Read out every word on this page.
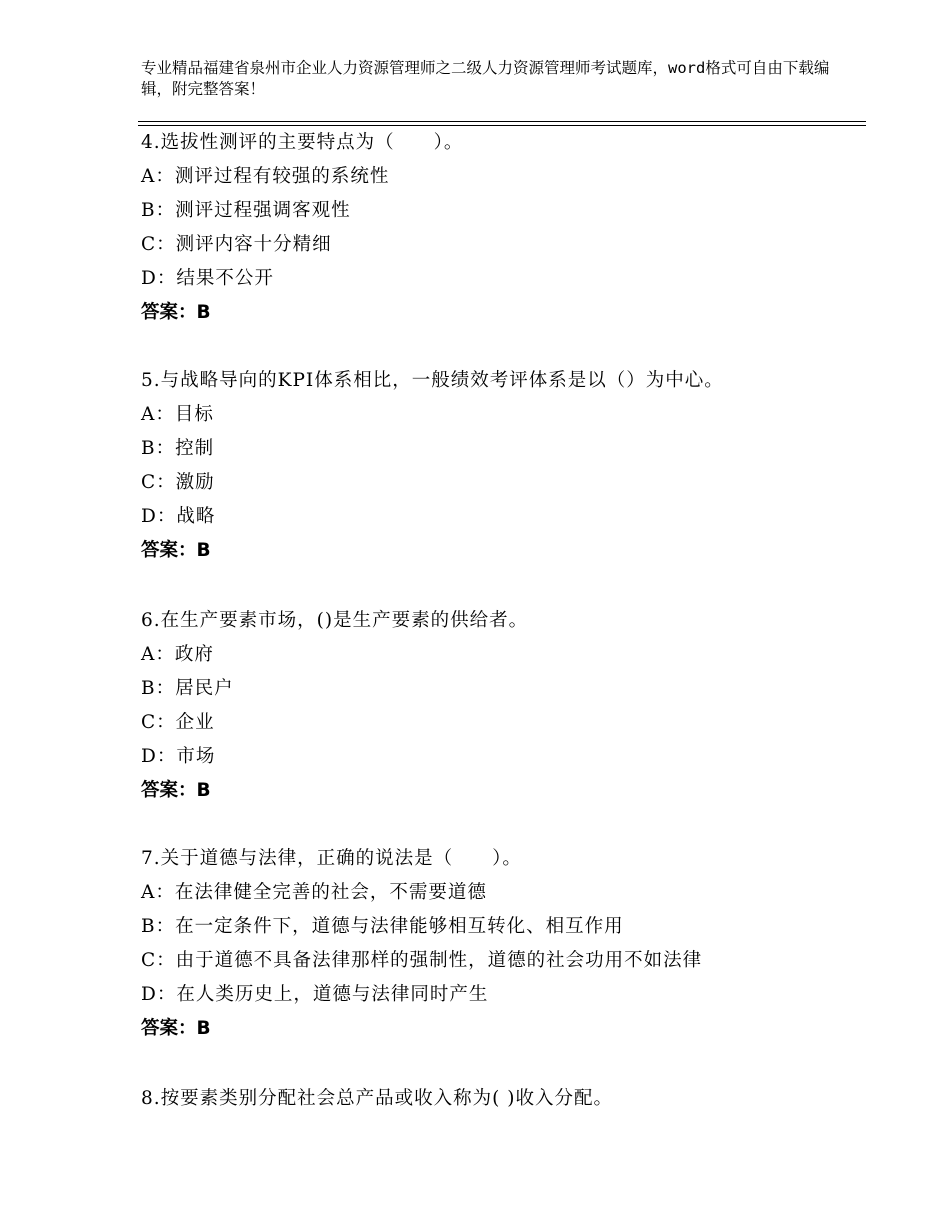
专业精品福建省泉州市企业人力资源管理师之二级人力资源管理师考试题库，word格式可自由下载编辑，附完整答案！
4.选拔性测评的主要特点为（　　）。
A：测评过程有较强的系统性
B：测评过程强调客观性
C：测评内容十分精细
D：结果不公开
答案：B
5.与战略导向的KPI体系相比，一般绩效考评体系是以（）为中心。
A：目标
B：控制
C：激励
D：战略
答案：B
6.在生产要素市场，()是生产要素的供给者。
A：政府
B：居民户
C：企业
D：市场
答案：B
7.关于道德与法律，正确的说法是（　　）。
A：在法律健全完善的社会，不需要道德
B：在一定条件下，道德与法律能够相互转化、相互作用
C：由于道德不具备法律那样的强制性，道德的社会功用不如法律
D：在人类历史上，道德与法律同时产生
答案：B
8.按要素类别分配社会总产品或收入称为( )收入分配。
